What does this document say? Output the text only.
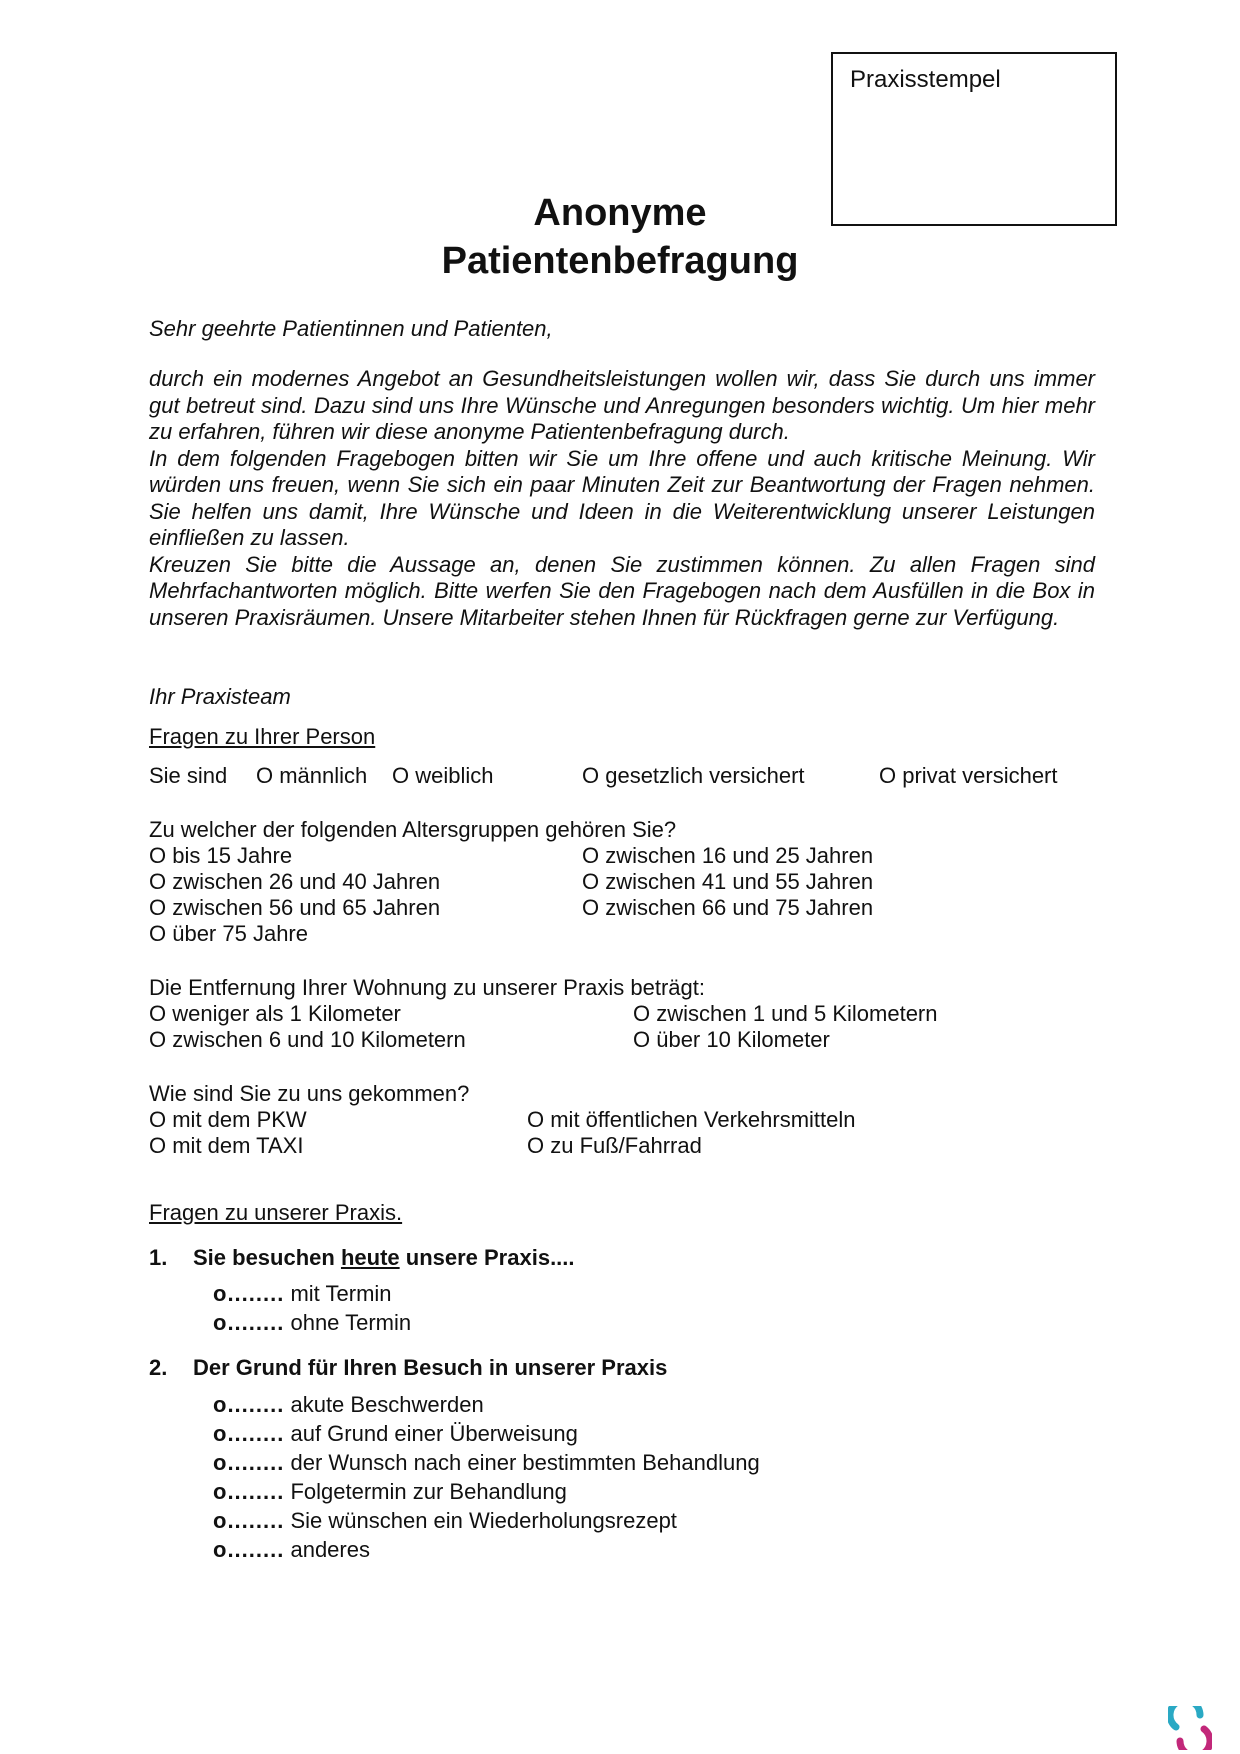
Praxisstempel
Anonyme
Patientenbefragung
Sehr geehrte Patientinnen und Patienten,

durch ein modernes Angebot an Gesundheitsleistungen wollen wir, dass Sie durch uns immer gut betreut sind. Dazu sind uns Ihre Wünsche und Anregungen besonders wichtig. Um hier mehr zu erfahren, führen wir diese anonyme Patientenbefragung durch.

In dem folgenden Fragebogen bitten wir Sie um Ihre offene und auch kritische Meinung. Wir würden uns freuen, wenn Sie sich ein paar Minuten Zeit zur Beantwortung der Fragen nehmen. Sie helfen uns damit, Ihre Wünsche und Ideen in die Weiterentwicklung unserer Leistungen einfließen zu lassen.

Kreuzen Sie bitte die Aussage an, denen Sie zustimmen können. Zu allen Fragen sind Mehrfachantworten möglich. Bitte werfen Sie den Fragebogen nach dem Ausfüllen in die Box in unseren Praxisräumen. Unsere Mitarbeiter stehen Ihnen für Rückfragen gerne zur Verfügung.

Ihr Praxisteam
Fragen zu Ihrer Person
Sie sind O männlich O weiblich	O gesetzlich versichert	O privat versichert
Zu welcher der folgenden Altersgruppen gehören Sie?
O bis 15 Jahre	O zwischen 16 und 25 Jahren
O zwischen 26 und 40 Jahren	O zwischen 41 und 55 Jahren
O zwischen 56 und 65 Jahren	O zwischen 66 und 75 Jahren
O über 75 Jahre
Die Entfernung Ihrer Wohnung zu unserer Praxis beträgt:
O weniger als 1 Kilometer	O zwischen 1 und 5 Kilometern
O zwischen 6 und 10 Kilometern	O über 10 Kilometer
Wie sind Sie zu uns gekommen?
O mit dem PKW	O mit öffentlichen Verkehrsmitteln
O mit dem TAXI	O zu Fuß/Fahrrad
Fragen zu unserer Praxis.
1. Sie besuchen heute unsere Praxis....
o........ mit Termin
o........ ohne Termin
2. Der Grund für Ihren Besuch in unserer Praxis
o........ akute Beschwerden
o........ auf Grund einer Überweisung
o........ der Wunsch nach einer bestimmten Behandlung
o........ Folgetermin zur Behandlung
o........ Sie wünschen ein Wiederholungsrezept
o........ anderes
